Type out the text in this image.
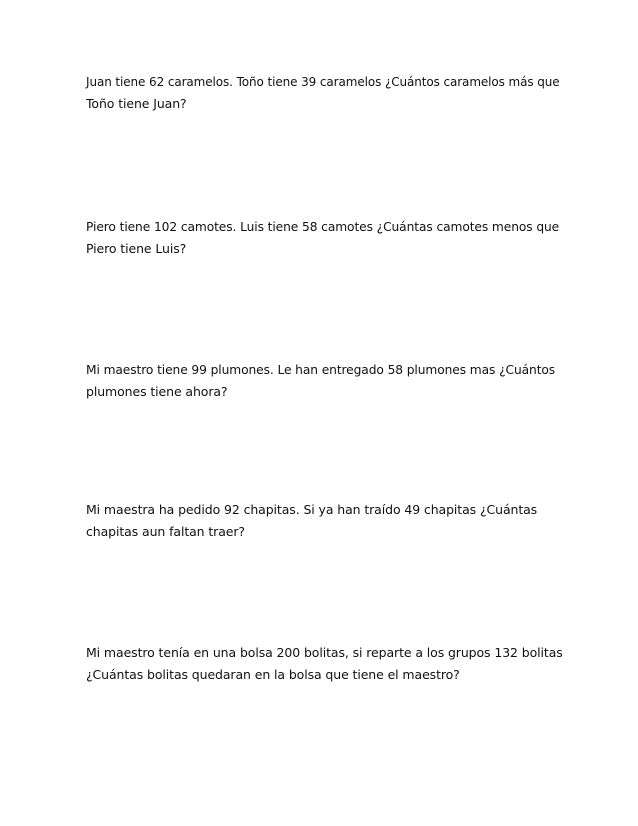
Juan tiene 62 caramelos. Toño tiene 39 caramelos ¿Cuántos caramelos más que
Toño tiene Juan?
Piero tiene 102 camotes. Luis tiene 58 camotes ¿Cuántas camotes menos que
Piero tiene Luis?
Mi maestro tiene 99 plumones. Le han entregado 58 plumones mas ¿Cuántos
plumones tiene ahora?
Mi maestra ha pedido 92 chapitas. Si ya han traído 49 chapitas ¿Cuántas
chapitas aun faltan traer?
Mi maestro tenía en una bolsa 200 bolitas, si reparte a los grupos 132 bolitas
¿Cuántas bolitas quedaran en la bolsa que tiene el maestro?
